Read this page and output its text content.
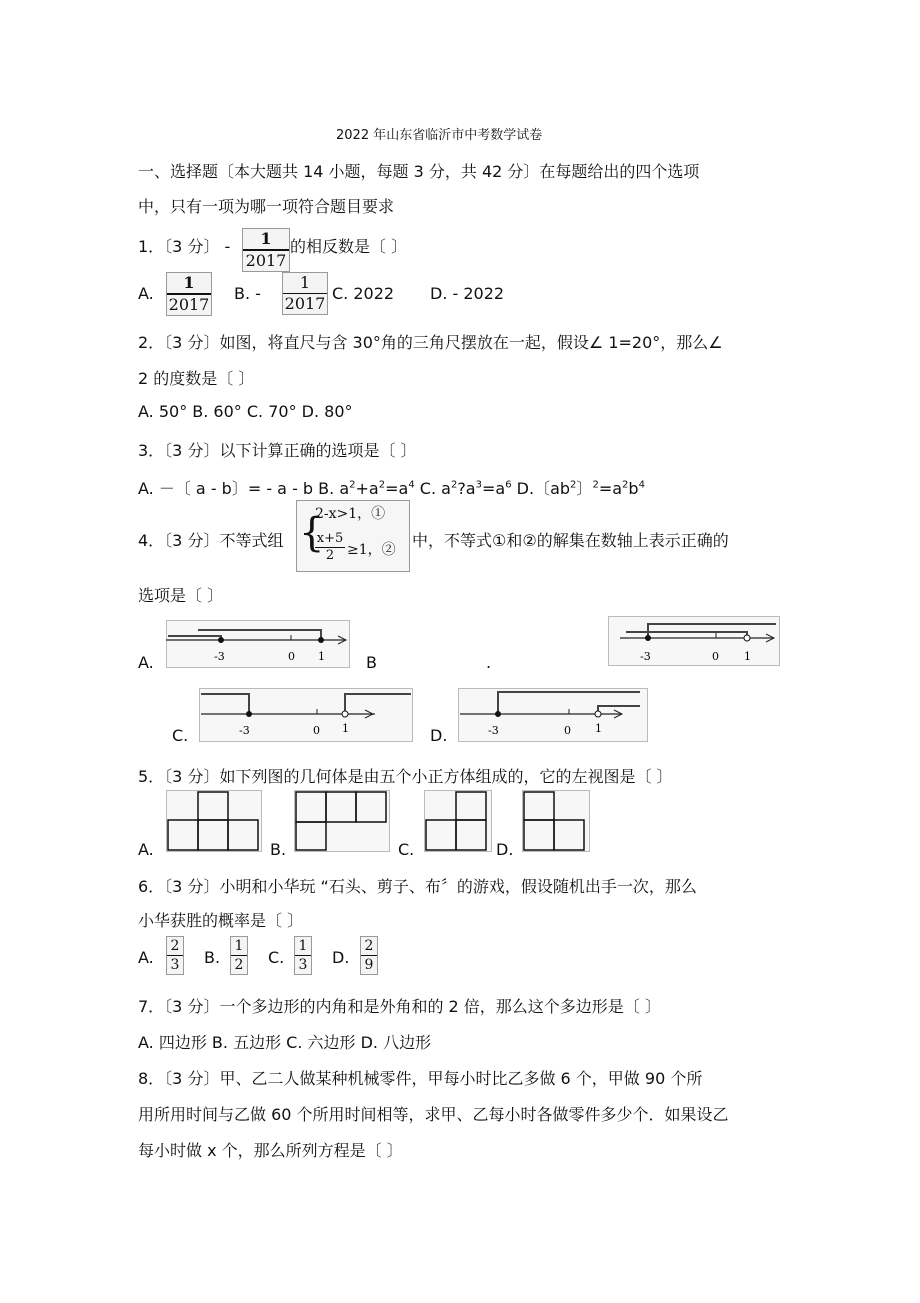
2022 年山东省临沂市中考数学试卷
一、选择题〔本大题共 14 小题，每题 3 分，共 42 分〕在每题给出的四个选项
中，只有一项为哪一项符合题目要求
1．〔3 分〕 - $\frac{1}{2017}$ 的相反数是〔 〕
A. $\frac{1}{2017} B$. - $\frac{1}{2017} C$. 2022 D. - 2022
2．〔3 分〕如图，将直尺与含 30°角的三角尺摆放在一起，假设∠ 1=20°，那么∠
2 的度数是〔 〕
A. 50° B. 60° C. 70° D. 80°
3．〔3 分〕以下计算正确的选项是〔 〕
A. －〔 a - b〕= - a - b B. $a^2+a^2=a^4$ C. $a^2?a^3=a^6$ D.〔$ab^2$〕$^2=a^2b^4$
4．〔3 分〕不等式组 {
2-x>1，①
$\frac{x+5}{2} \ge 1$，② 中，不等式①和②的解集在数轴上表示正确的
选项是〔 〕
A.	-3	0 1	B	.	-3	0 1
C.	-3	0 1	D.	-3	0 1
5．〔3 分〕如下列图的几何体是由五个小正方体组成的，它的左视图是〔 〕
A.	B.	C.	D.
6．〔3 分〕小明和小华玩 “石头、剪子、布〞的游戏，假设随机出手一次，那么
小华获胜的概率是〔 〕
A. $\frac{2}{3} B$. $\frac{1}{2} C$. $\frac{1}{3} D$. $\frac{2}{9}$
7．〔3 分〕一个多边形的内角和是外角和的 2 倍，那么这个多边形是〔 〕
A. 四边形 B. 五边形 C. 六边形 D. 八边形
8．〔3 分〕甲、乙二人做某种机械零件，甲每小时比乙多做 6 个，甲做 90 个所
用所用时间与乙做 60 个所用时间相等，求甲、乙每小时各做零件多少个．如果设乙
每小时做 x 个，那么所列方程是〔 〕
